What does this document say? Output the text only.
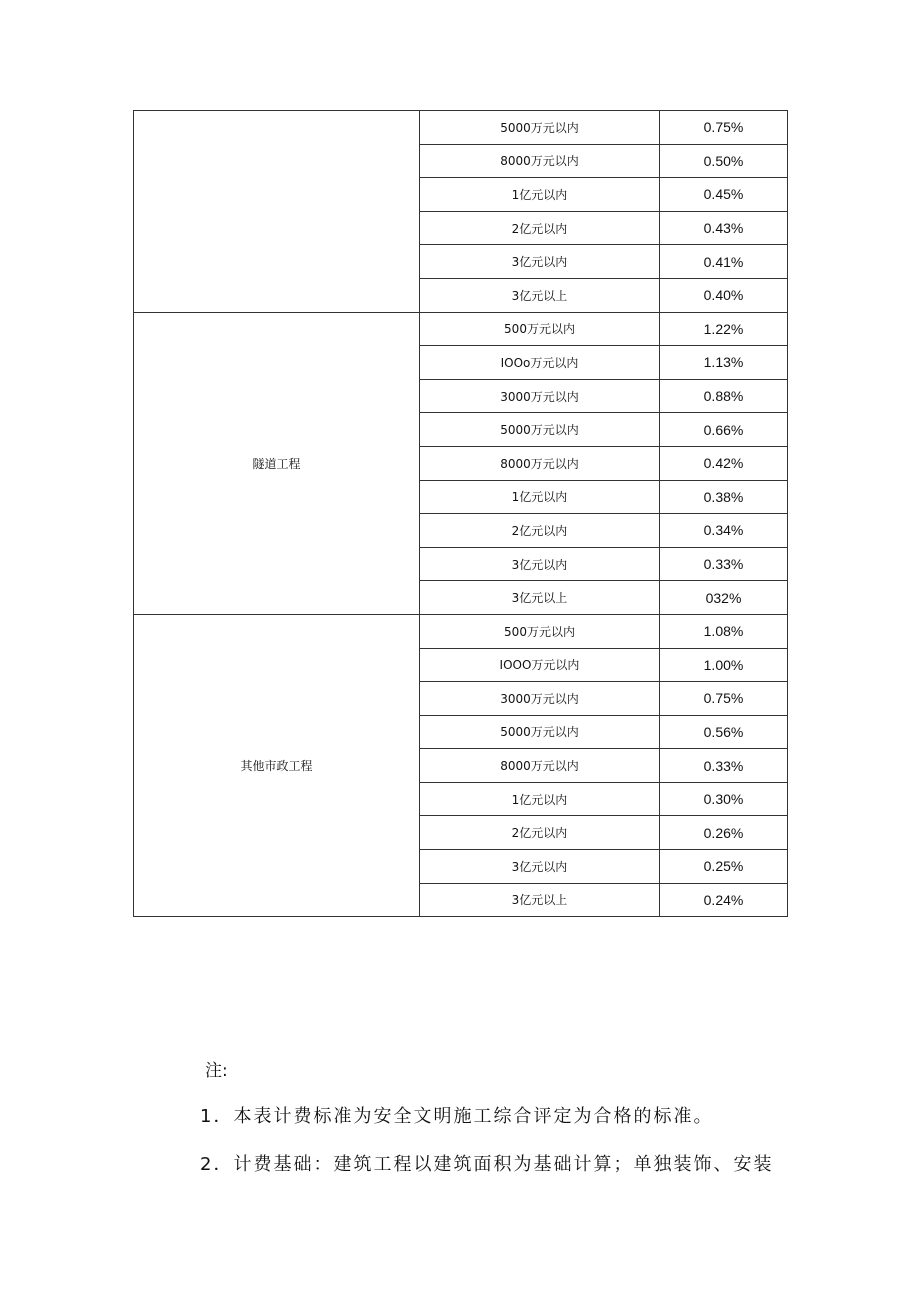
	5000万元以内	0.75%
	8000万元以内	0.50%
	1亿元以内	0.45%
	2亿元以内	0.43%
	3亿元以内	0.41%
	3亿元以上	0.40%
隧道工程	500万元以内	1.22%
	IOOo万元以内	1.13%
	3000万元以内	0.88%
	5000万元以内	0.66%
	8000万元以内	0.42%
	1亿元以内	0.38%
	2亿元以内	0.34%
	3亿元以内	0.33%
	3亿元以上	032%
其他市政工程	500万元以内	1.08%
	IOOO万元以内	1.00%
	3000万元以内	0.75%
	5000万元以内	0.56%
	8000万元以内	0.33%
	1亿元以内	0.30%
	2亿元以内	0.26%
	3亿元以内	0.25%
	3亿元以上	0.24%
注:
1．本表计费标准为安全文明施工综合评定为合格的标准。
2．计费基础：建筑工程以建筑面积为基础计算；单独装饰、安装
